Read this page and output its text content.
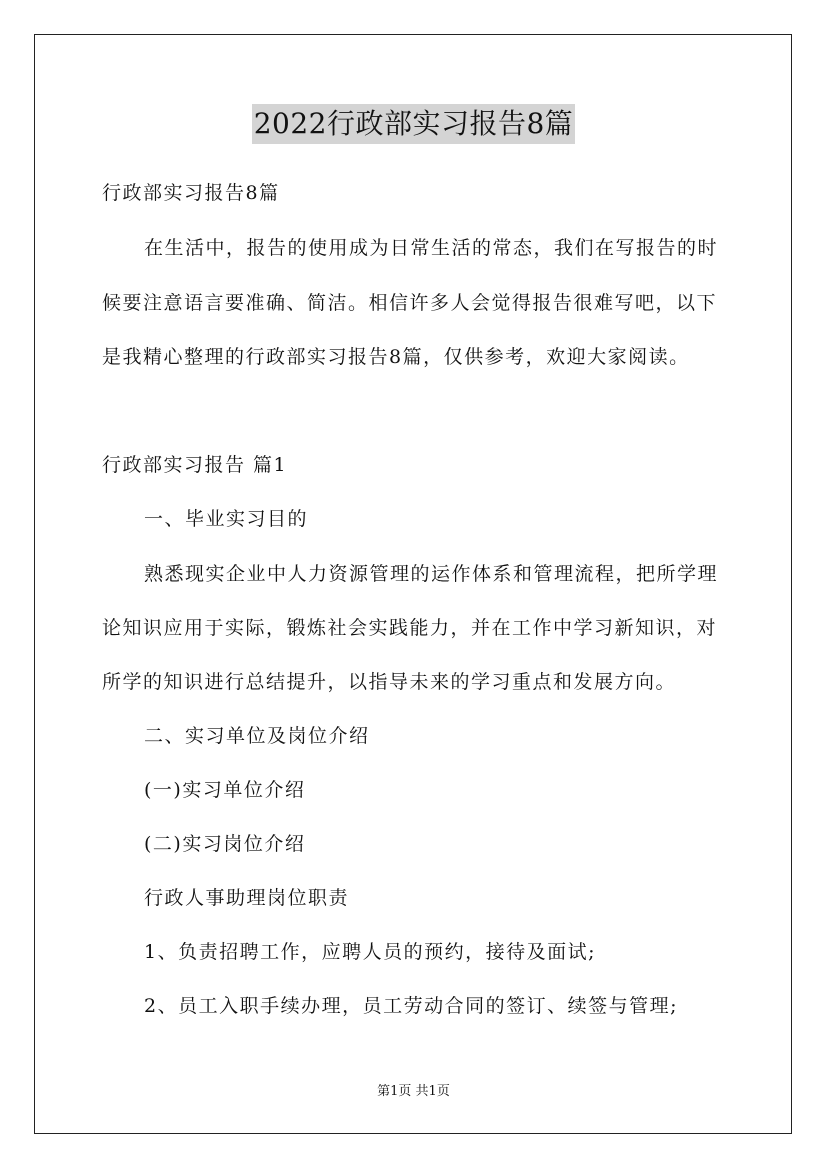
2022行政部实习报告8篇
行政部实习报告8篇
在生活中，报告的使用成为日常生活的常态，我们在写报告的时
候要注意语言要准确、简洁。相信许多人会觉得报告很难写吧，以下
是我精心整理的行政部实习报告8篇，仅供参考，欢迎大家阅读。
行政部实习报告 篇1
一、毕业实习目的
熟悉现实企业中人力资源管理的运作体系和管理流程，把所学理
论知识应用于实际，锻炼社会实践能力，并在工作中学习新知识，对
所学的知识进行总结提升，以指导未来的学习重点和发展方向。
二、实习单位及岗位介绍
(一)实习单位介绍
(二)实习岗位介绍
行政人事助理岗位职责
1、负责招聘工作，应聘人员的预约，接待及面试;
2、员工入职手续办理，员工劳动合同的签订、续签与管理;
第1页 共1页
